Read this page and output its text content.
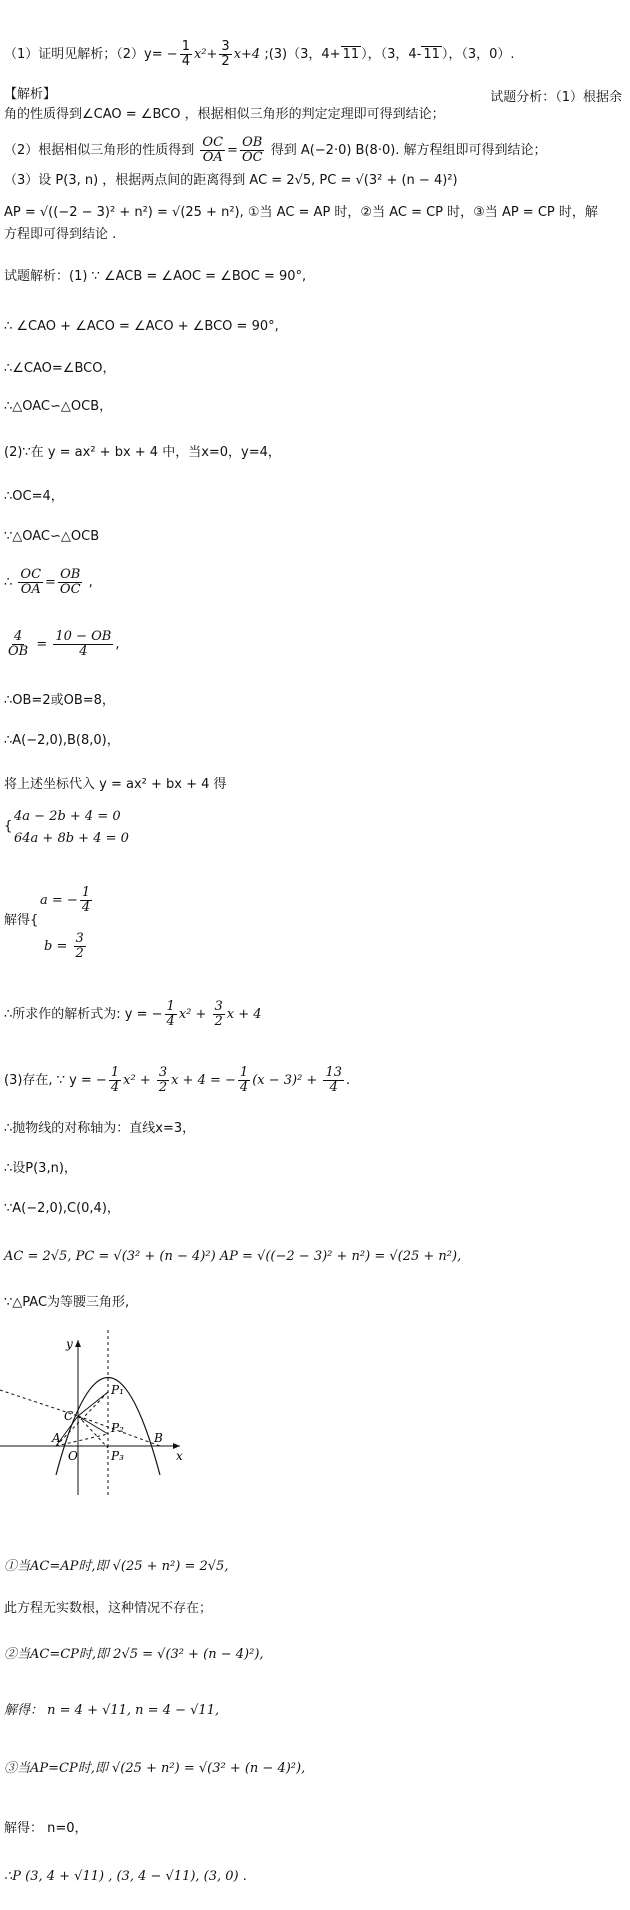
（1）证明见解析；$(2)y= - \frac{1}{4} x^2+ \frac{3}{2} x+4$ ;(3)（3，4+ 11 ），（3，4- 11 ），（3，0）.
【解析】	试题分析：（1）根据余
角的性质得到∠CAO = ∠BCO ，根据相似三角形的判定定理即可得到结论；
（2）根据相似三角形的性质得到 $\frac{OC}{OA} = \frac{OB}{OC}$ 得到 A(−2·0) B(8·0). 解方程组即可得到结论；
（3）设 P(3, n) ，根据两点间的距离得到 AC = 2√5, PC = √(3² + (n − 4)²)
AP = √((−2 − 3)² + n²) = √(25 + n²), ①当 AC = AP 时，②当 AC = CP 时，③当 AP = CP 时，解
方程即可得到结论 .
试题解析：(1) ∵ ∠ACB = ∠AOC = ∠BOC = 90°,
∴ ∠CAO + ∠ACO = ∠ACO + ∠BCO = 90°,
∴∠CAO=∠BCO，
∴△OAC∽△OCB，
(2)∵在 y = ax² + bx + 4 中，当x=0，y=4，
∴OC=4，
∵△OAC∽△OCB
∴ $\frac{OC}{OA} = \frac{OB}{OC}$ ,
$\frac{4}{OB} = \frac{10 - OB}{4}$ ,
∴OB=2或OB=8，
∴A(−2,0),B(8,0)，
将上述坐标代入 y = ax² + bx + 4 得
{
4a − 2b + 4 = 0
64a + 8b + 4 = 0
解得{
a = − $\frac{1}{4}$
$b = \frac{3}{2}$
∴所求作的解析式为: y = − $\frac{1}{4} x^2 + \frac{3}{2}$ x + 4
(3)存在, ∵ y = − $\frac{1}{4} x^2 + \frac{3}{2}$ x + 4 = − $\frac{1}{4} (x - 3)^2 + \frac{13}{4}$ .
∴抛物线的对称轴为：直线x=3，
∴设P(3,n)，
∵A(−2,0),C(0,4)，
AC = 2√5, PC = √(3² + (n − 4)²) AP = √((−2 − 3)² + n²) = √(25 + n²),
∵△PAC为等腰三角形,
y
C
P₁
P₂
P₃
A
O
B
x
①当AC=AP时,即 √(25 + n²) = 2√5,
此方程无实数根，这种情况不存在；
②当AC=CP时,即 2√5 = √(3² + (n − 4)²),
解得： n = 4 + √11, n = 4 − √11,
③当AP=CP时,即 √(25 + n²) = √(3² + (n − 4)²),
解得： n=0，
∴P (3, 4 + √11) , (3, 4 − √11), (3, 0) .
